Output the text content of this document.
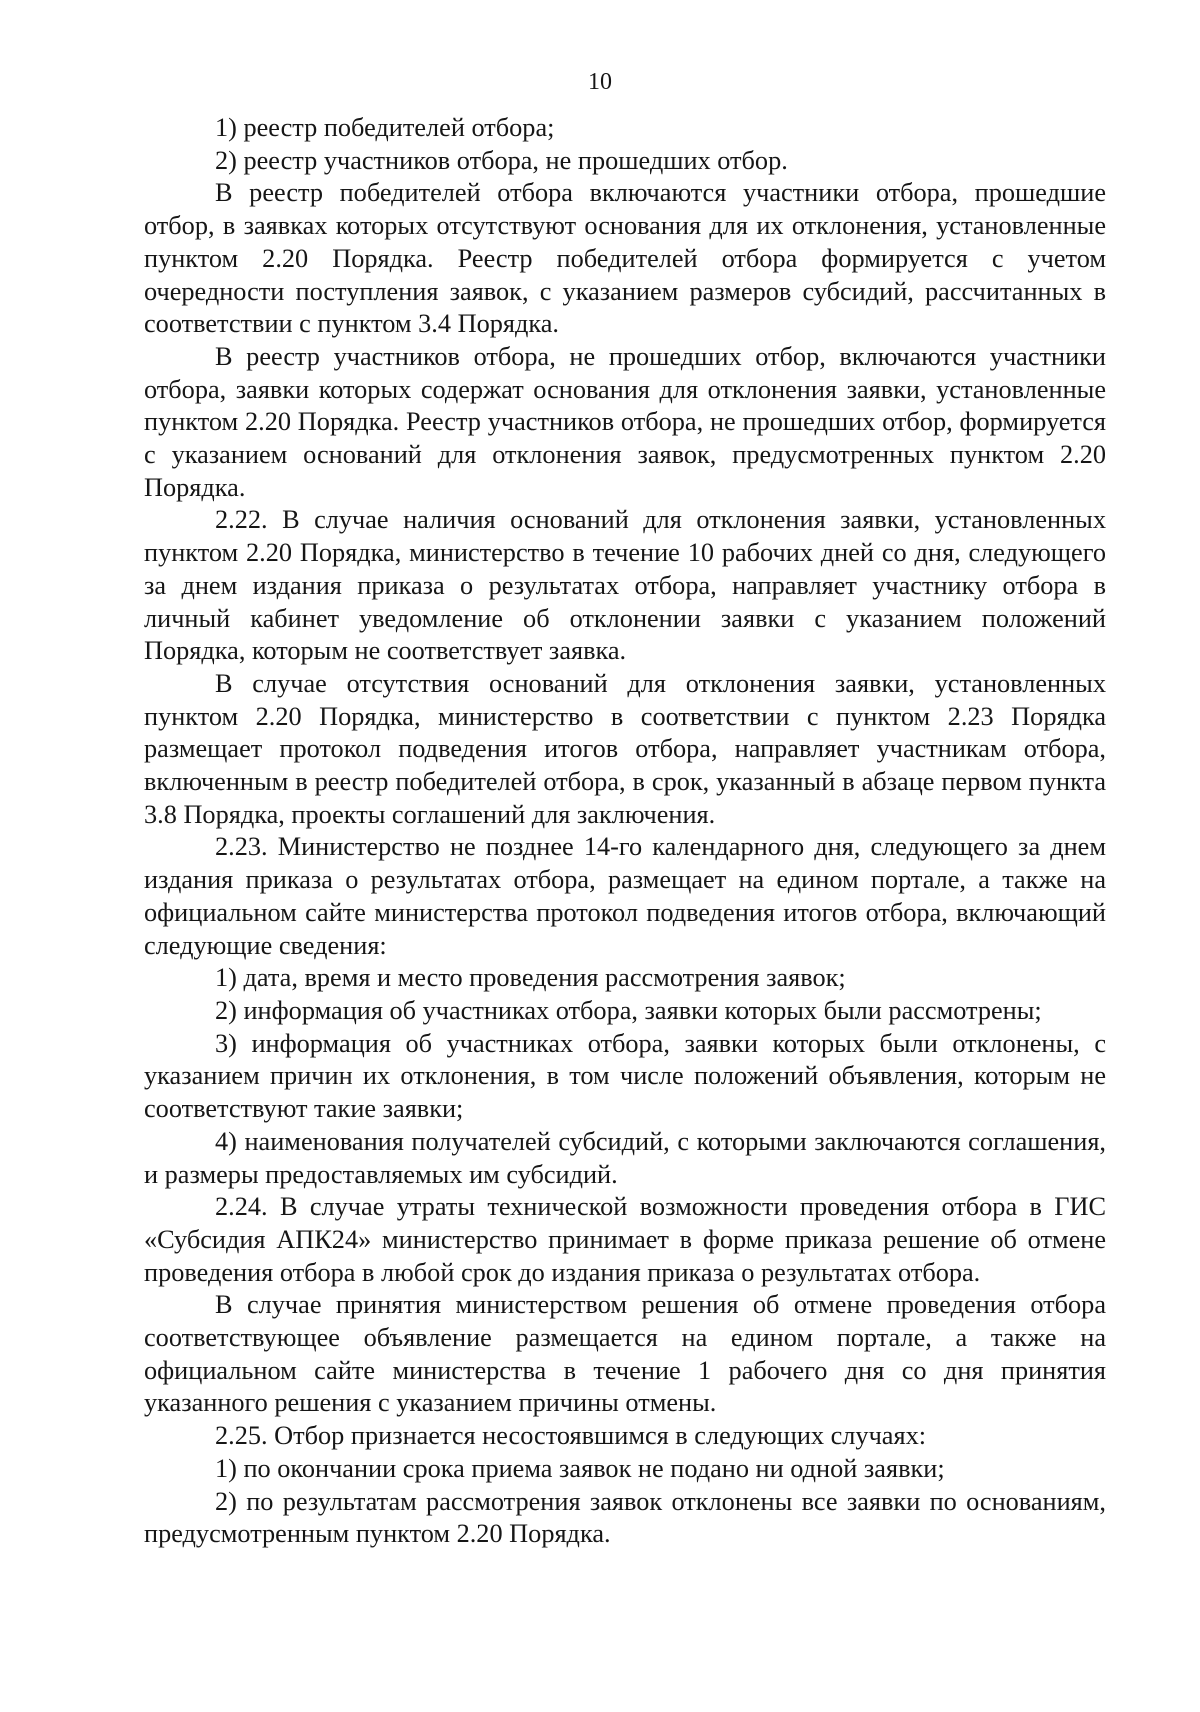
10

1) реестр победителей отбора;

2) реестр участников отбора, не прошедших отбор.

В реестр победителей отбора включаются участники отбора, прошедшие отбор, в заявках которых отсутствуют основания для их отклонения, установленные пунктом 2.20 Порядка. Реестр победителей отбора формируется с учетом очередности поступления заявок, с указанием размеров субсидий, рассчитанных в соответствии с пунктом 3.4 Порядка.

В реестр участников отбора, не прошедших отбор, включаются участники отбора, заявки которых содержат основания для отклонения заявки, установленные пунктом 2.20 Порядка. Реестр участников отбора, не прошедших отбор, формируется с указанием оснований для отклонения заявок, предусмотренных пунктом 2.20 Порядка.

2.22. В случае наличия оснований для отклонения заявки, установленных пунктом 2.20 Порядка, министерство в течение 10 рабочих дней со дня, следующего за днем издания приказа о результатах отбора, направляет участнику отбора в личный кабинет уведомление об отклонении заявки с указанием положений Порядка, которым не соответствует заявка.

В случае отсутствия оснований для отклонения заявки, установленных пунктом 2.20 Порядка, министерство в соответствии с пунктом 2.23 Порядка размещает протокол подведения итогов отбора, направляет участникам отбора, включенным в реестр победителей отбора, в срок, указанный в абзаце первом пункта 3.8 Порядка, проекты соглашений для заключения.

2.23. Министерство не позднее 14-го календарного дня, следующего за днем издания приказа о результатах отбора, размещает на едином портале, а также на официальном сайте министерства протокол подведения итогов отбора, включающий следующие сведения:

1) дата, время и место проведения рассмотрения заявок;

2) информация об участниках отбора, заявки которых были рассмотрены;

3) информация об участниках отбора, заявки которых были отклонены, с указанием причин их отклонения, в том числе положений объявления, которым не соответствуют такие заявки;

4) наименования получателей субсидий, с которыми заключаются соглашения, и размеры предоставляемых им субсидий.

2.24. В случае утраты технической возможности проведения отбора в ГИС «Субсидия АПК24» министерство принимает в форме приказа решение об отмене проведения отбора в любой срок до издания приказа о результатах отбора.

В случае принятия министерством решения об отмене проведения отбора соответствующее объявление размещается на едином портале, а также на официальном сайте министерства в течение 1 рабочего дня со дня принятия указанного решения с указанием причины отмены.

2.25. Отбор признается несостоявшимся в следующих случаях:

1) по окончании срока приема заявок не подано ни одной заявки;

2) по результатам рассмотрения заявок отклонены все заявки по основаниям, предусмотренным пунктом 2.20 Порядка.
